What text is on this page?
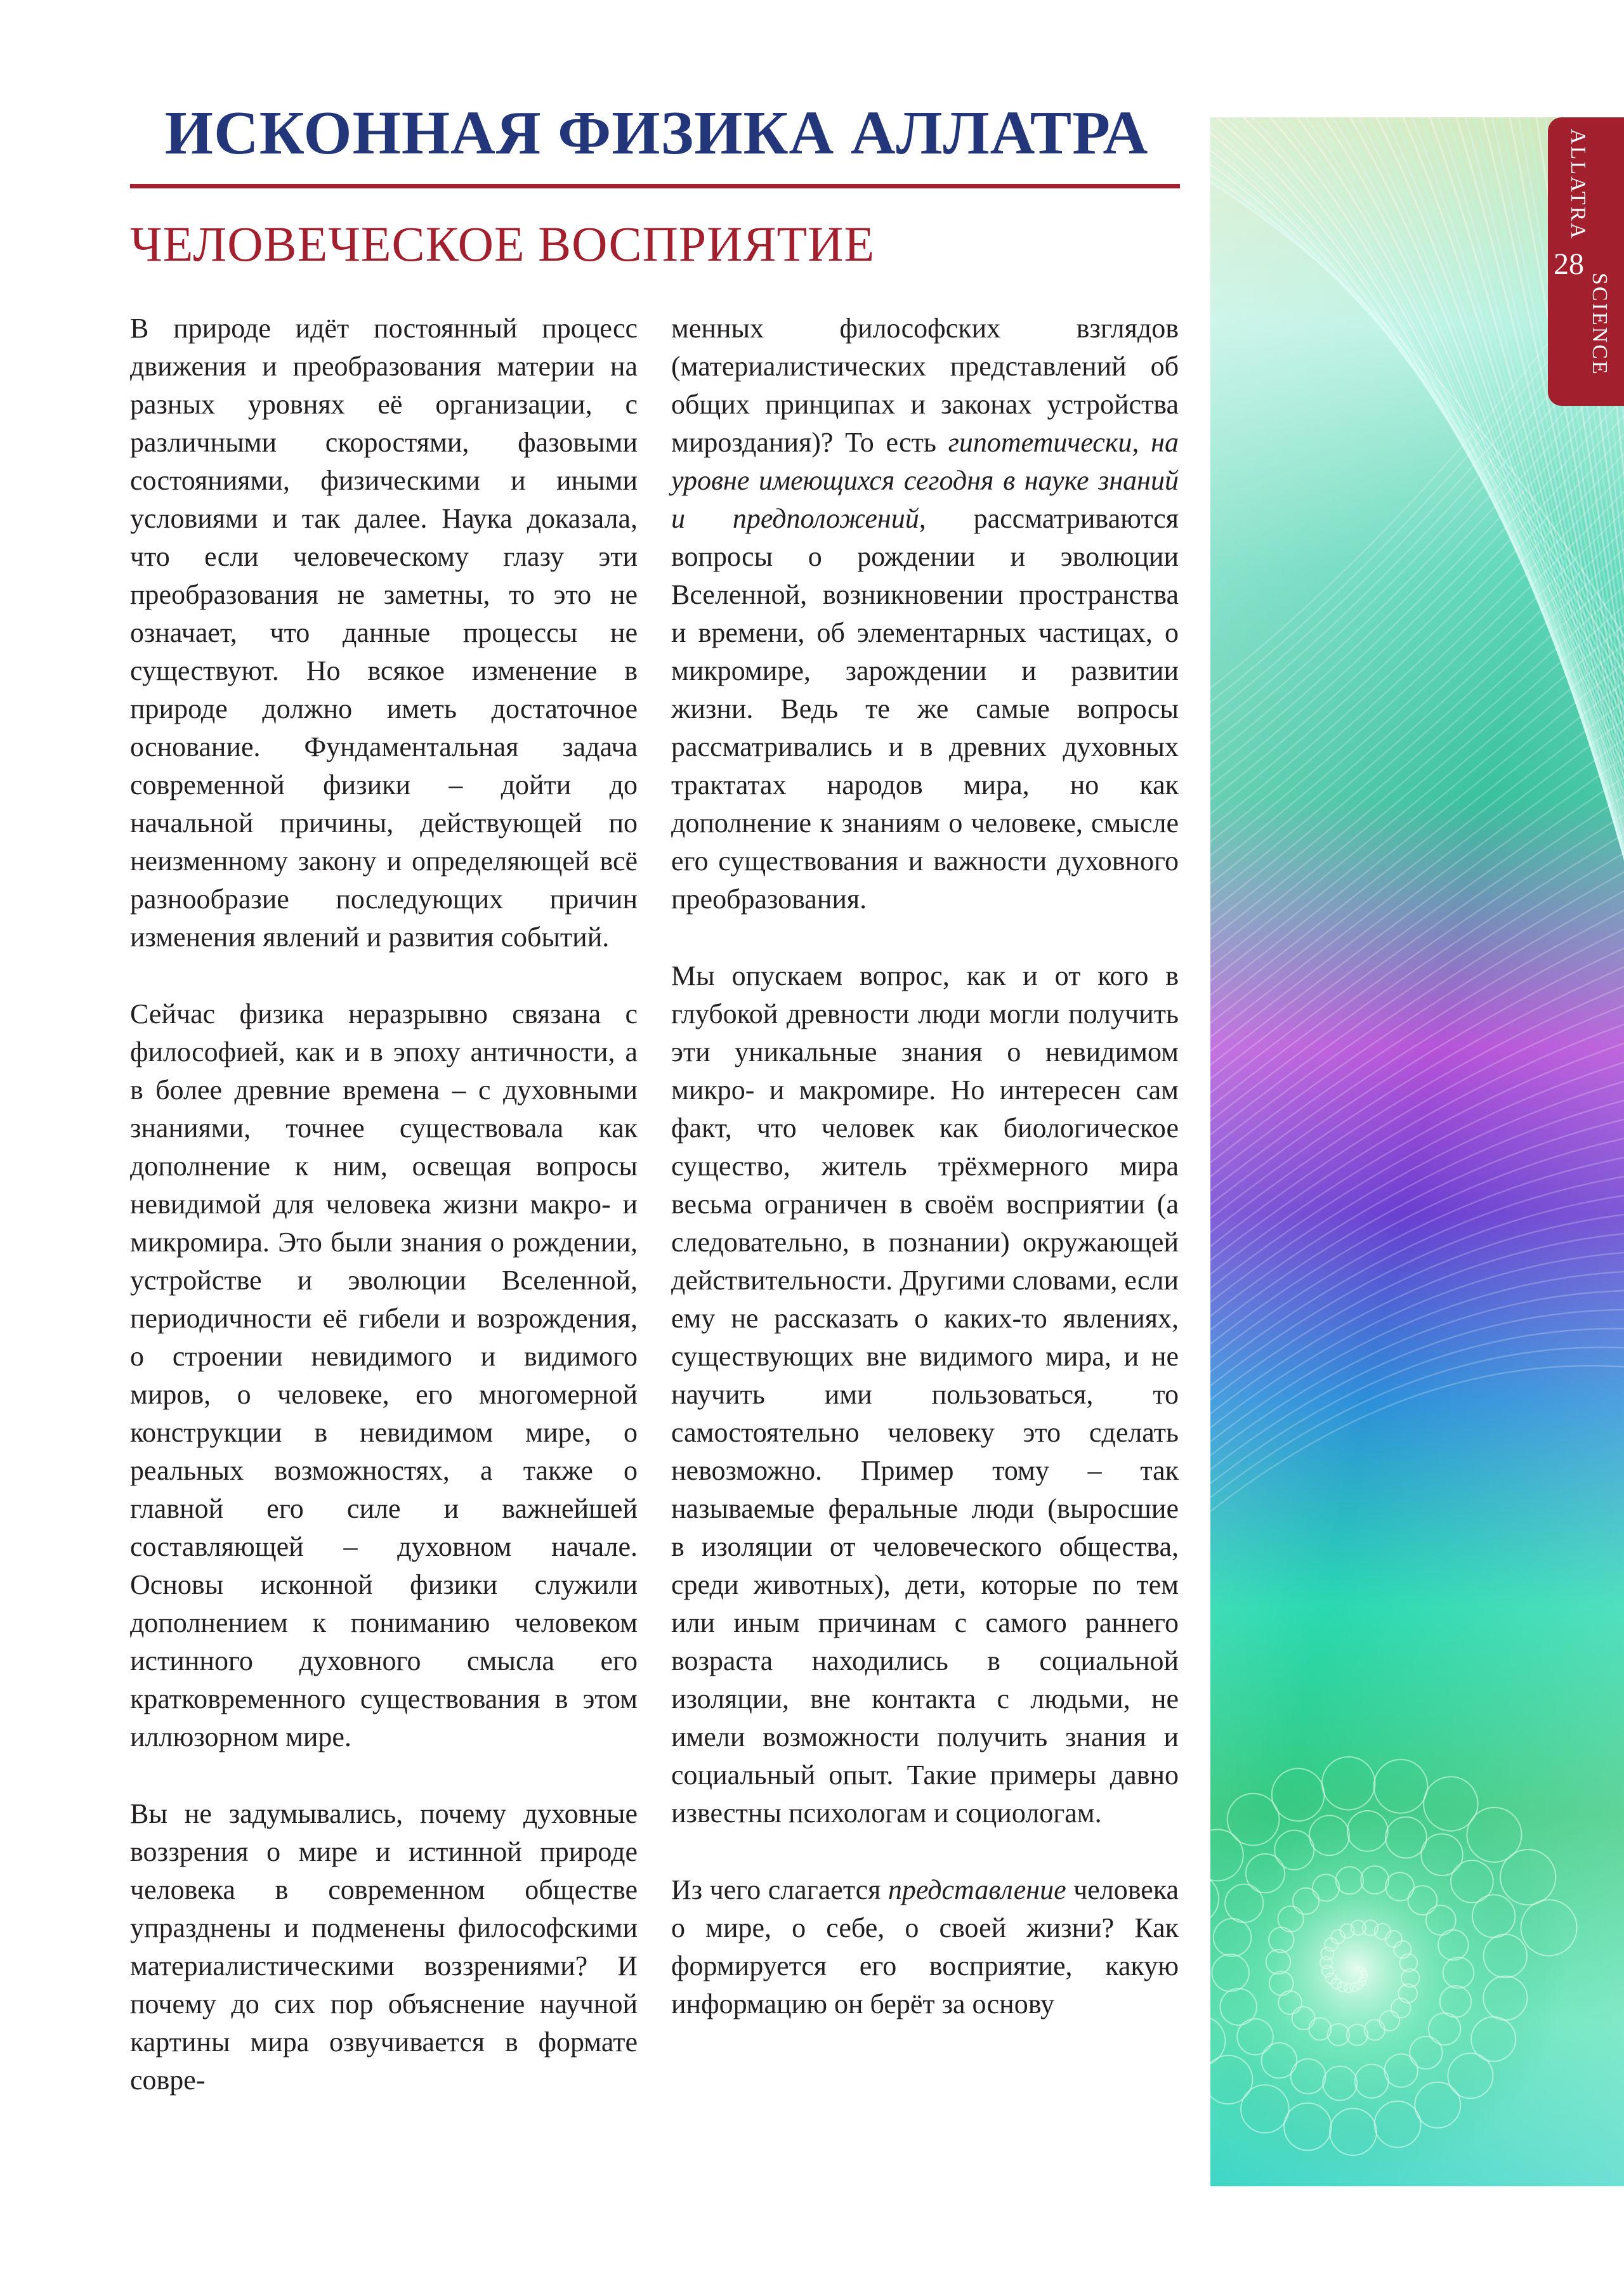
ИСКОННАЯ ФИЗИКА АЛЛАТРА
ЧЕЛОВЕЧЕСКОЕ ВОСПРИЯТИЕ

В природе идёт постоянный процесс движения и преобразования материи на разных уровнях её организации, с различными скоростями, фазовыми состояниями, физическими и иными условиями и так далее. Наука доказала, что если человеческому глазу эти преобразования не заметны, то это не означает, что данные процессы не существуют. Но всякое изменение в природе должно иметь достаточное основание. Фундаментальная задача современной физики – дойти до начальной причины, действующей по неизменному закону и определяющей всё разнообразие последующих причин изменения явлений и развития событий.

Сейчас физика неразрывно связана с философией, как и в эпоху античности, а в более древние времена – с духовными знаниями, точнее существовала как дополнение к ним, освещая вопросы невидимой для человека жизни макро- и микромира. Это были знания о рождении, устройстве и эволюции Вселенной, периодичности её гибели и возрождения, о строении невидимого и видимого миров, о человеке, его многомерной конструкции в невидимом мире, о реальных возможностях, а также о главной его силе и важнейшей составляющей – духовном начале. Основы исконной физики служили дополнением к пониманию человеком истинного духовного смысла его кратковременного существования в этом иллюзорном мире.

Вы не задумывались, почему духовные воззрения о мире и истинной природе человека в современном обществе упразднены и подменены философскими материалистическими воззрениями? И почему до сих пор объяснение научной картины мира озвучивается в формате совре-

менных философских взглядов (материалистических представлений об общих принципах и законах устройства мироздания)? То есть гипотетически, на уровне имеющихся сегодня в науке знаний и предположений, рассматриваются вопросы о рождении и эволюции Вселенной, возникновении пространства и времени, об элементарных частицах, о микромире, зарождении и развитии жизни. Ведь те же самые вопросы рассматривались и в древних духовных трактатах народов мира, но как дополнение к знаниям о человеке, смысле его существования и важности духовного преобразования.

Мы опускаем вопрос, как и от кого в глубокой древности люди могли получить эти уникальные знания о невидимом микро- и макромире. Но интересен сам факт, что человек как биологическое существо, житель трёхмерного мира весьма ограничен в своём восприятии (а следовательно, в познании) окружающей действительности. Другими словами, если ему не рассказать о каких-то явлениях, существующих вне видимого мира, и не научить ими пользоваться, то самостоятельно человеку это сделать невозможно. Пример тому – так называемые феральные люди (выросшие в изоляции от человеческого общества, среди животных), дети, которые по тем или иным причинам с самого раннего возраста находились в социальной изоляции, вне контакта с людьми, не имели возможности получить знания и социальный опыт. Такие примеры давно известны психологам и социологам.

Из чего слагается представление человека о мире, о себе, о своей жизни? Как формируется его восприятие, какую информацию он берёт за основу

ALLATRA
SCIENCE
28
